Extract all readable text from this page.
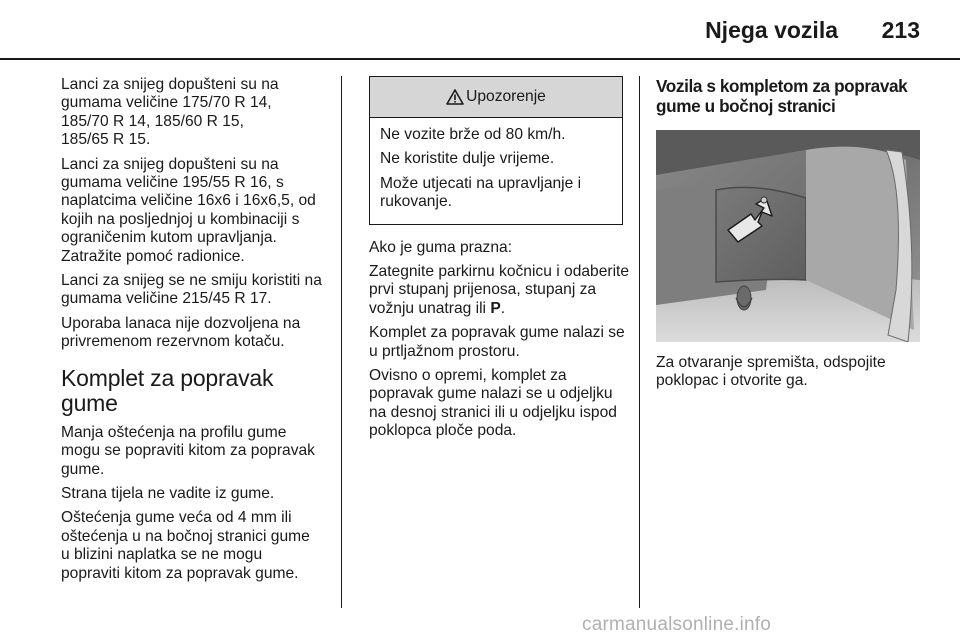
Njega vozila 213

Lanci za snijeg dopušteni su na
gumama veličine 175/70 R 14,
185/70 R 14, 185/60 R 15,
185/65 R 15.

Lanci za snijeg dopušteni su na
gumama veličine 195/55 R 16, s
naplatcima veličine 16x6 i 16x6,5, od
kojih na posljednjoj u kombinaciji s
ograničenim kutom upravljanja.
Zatražite pomoć radionice.

Lanci za snijeg se ne smiju koristiti na
gumama veličine 215/45 R 17.

Uporaba lanaca nije dozvoljena na
privremenom rezervnom kotaču.

Komplet za popravak
gume

Manja oštećenja na profilu gume
mogu se popraviti kitom za popravak
gume.

Strana tijela ne vadite iz gume.

Oštećenja gume veća od 4 mm ili
oštećenja u na bočnoj stranici gume
u blizini naplatka se ne mogu
popraviti kitom za popravak gume.

Upozorenje

Ne vozite brže od 80 km/h.

Ne koristite dulje vrijeme.

Može utjecati na upravljanje i
rukovanje.

Ako je guma prazna:

Zategnite parkirnu kočnicu i odaberite
prvi stupanj prijenosa, stupanj za
vožnju unatrag ili P.

Komplet za popravak gume nalazi se
u prtljažnom prostoru.

Ovisno o opremi, komplet za
popravak gume nalazi se u odjeljku
na desnoj stranici ili u odjeljku ispod
poklopca ploče poda.

Vozila s kompletom za popravak
gume u bočnoj stranici

Za otvaranje spremišta, odspojite
poklopac i otvorite ga.

carmanualsonline.info
